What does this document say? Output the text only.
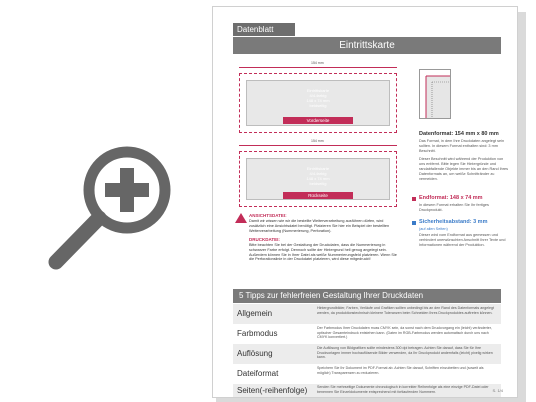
Datenblatt
Eintrittskarte
154 mm
Eintrittskarte
4/4-farbig
148 x 74 mm
beidseitig
Vorderseite
154 mm
Eintrittskarte
4/4-farbig
148 x 74 mm
beidseitig
Rückseite
Datenformat: 154 mm x 80 mm
Das Format, in dem Ihre Druckdaten angelegt sein sollten. In diesem Format enthalten sind: 3 mm Beschnitt.
Dieser Beschnitt wird während der Produktion von uns entfernt. Bitte legen Sie Hintergründe und randabfallende Objekte immer bis an den Rand Ihres Datenformats an, um weiße Schnittränder zu vermeiden.
Endformat: 148 x 74 mm
In diesem Format erhalten Sie Ihr fertiges Druckprodukt.
Sicherheitsabstand: 3 mm
(auf allen Seiten)
Dieser wird vom Endformat aus gemessen und verhindert unerwünschten Anschnitt Ihrer Texte und Informationen während der Produktion.
ANSICHTSDATEI:
Damit wir wissen wie wir die bestellte Weiterverarbeitung ausführen dürfen, wird zusätzlich eine Ansichtsdatei benötigt. Platzieren Sie hier ein Beispiel der bestellten Weiterverarbeitung (Nummerierung, Perforation).
DRUCKDATEI:
Bitte beachten Sie bei der Gestaltung der Druckdaten, dass die Nummerierung in schwarzer Farbe erfolgt. Dennoch sollte der Hintergrund hell genug angelegt sein. Außerdem können Sie in Ihrer Datei als weiße Nummerierungsfeld platzieren. Wenn Sie die Perforationslinie in der Druckdatei platzieren, wird diese mitgedruckt!
5 Tipps zur fehlerfreien Gestaltung Ihrer Druckdaten
Allgemein
Hintergrundbilder, Farben, Verläufe und Grafiken sollten unbedingt bis an den Rand des Datenformats angelegt werden, da produktionstechnisch kleinere Toleranzen beim Schneiden Ihres Druckproduktes auftreten können.
Farbmodus
Der Farbmodus Ihrer Druckdaten muss CMYK sein, da sonst nach dem Druckvorgang ein (leicht) veränderter, optischer Gesamteindruck entstehen kann. (Daten im RGB-Farbmodus werden automatisch durch uns nach CMYK konvertiert.)
Auflösung
Die Auflösung von Bildgrafiken sollte mindestens 300 dpi betragen. Achten Sie darauf, dass Sie für Ihre Druckvorlagen immer hochauflösende Bilder verwenden, da Ihr Druckprodukt andernfalls (leicht) pixelig wirken kann.
Dateiformat
Speichern Sie Ihr Dokument im PDF-Format ab. Achten Sie darauf, Schriften einzubetten und (soweit als möglich) Transparenzen zu reduzieren.
Seiten(-reihenfolge)	Senden Sie mehrseitige Dokumente chronologisch in korrekter Reihenfolge als eine einzige PDF-Datei oder benennen Sie Einzeldokumente entsprechend mit fortlaufenden Nummern.	S. 1/4
